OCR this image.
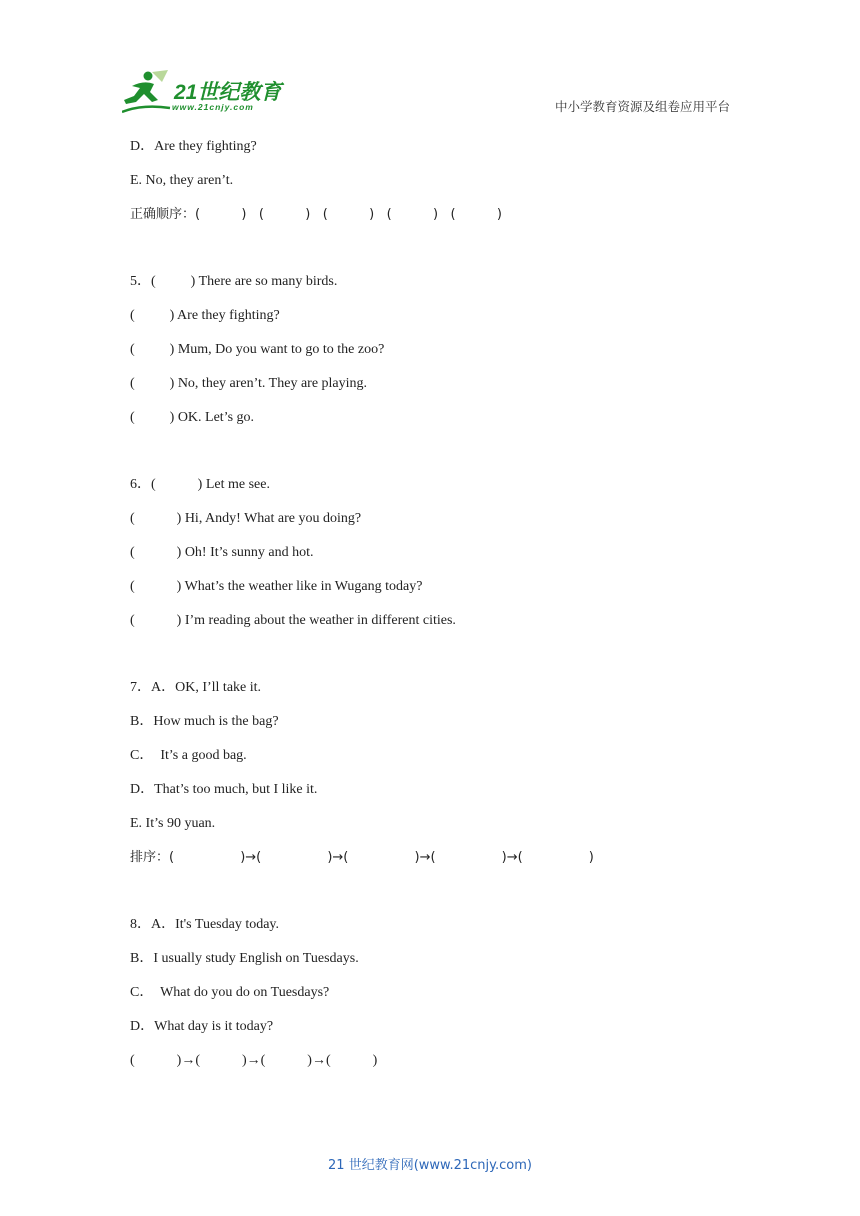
21世纪教育
www.21cnjy.com	中小学教育资源及组卷应用平台
D．Are they fighting?
E. No, they aren’t.
正确顺序：(          )   (          )   (          )   (          )   (          )
5．(          ) There are so many birds.
(          ) Are they fighting?
(          ) Mum, Do you want to go to the zoo?
(          ) No, they aren’t. They are playing.
(          ) OK. Let’s go.
6．(            ) Let me see.
(            ) Hi, Andy! What are you doing?
(            ) Oh! It’s sunny and hot.
(            ) What’s the weather like in Wugang today?
(            ) I’m reading about the weather in different cities.
7．A．OK, I’ll take it.
B．How much is the bag?
C．  It’s a good bag.
D．That’s too much, but I like it.
E. It’s 90 yuan.
排序：(                )→(                )→(                )→(                )→(                )
8．A．It's Tuesday today.
B．I usually study English on Tuesdays.
C．  What do you do on Tuesdays?
D．What day is it today?
(            )→(            )→(            )→(            )
21 世纪教育网(www.21cnjy.com)
